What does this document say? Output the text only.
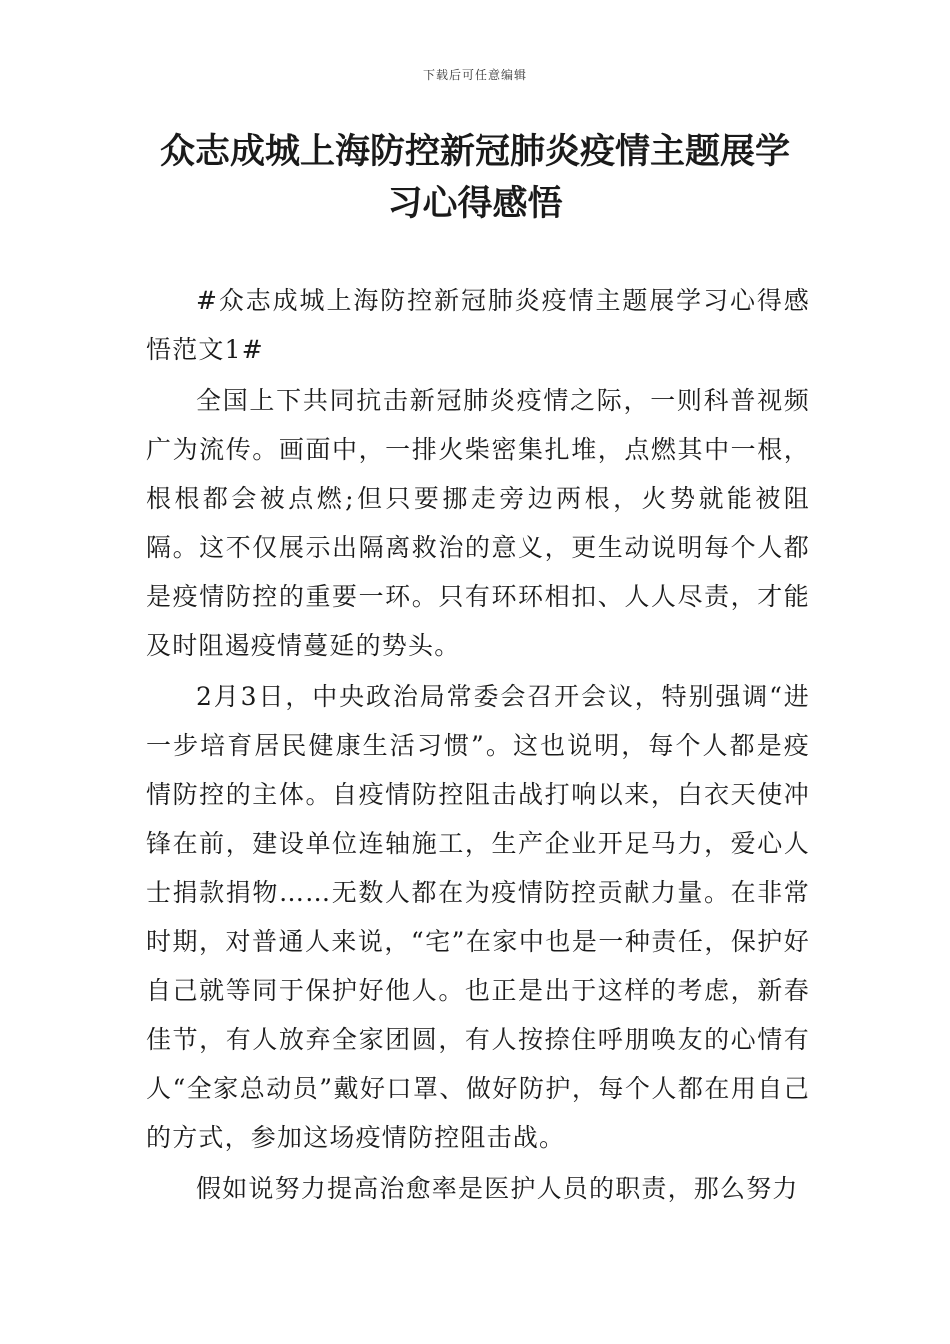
下载后可任意编辑
众志成城上海防控新冠肺炎疫情主题展学
习心得感悟

#众志成城上海防控新冠肺炎疫情主题展学习心得感悟范文1#

全国上下共同抗击新冠肺炎疫情之际，一则科普视频广为流传。画面中，一排火柴密集扎堆，点燃其中一根，根根都会被点燃;但只要挪走旁边两根，火势就能被阻隔。这不仅展示出隔离救治的意义，更生动说明每个人都是疫情防控的重要一环。只有环环相扣、人人尽责，才能及时阻遏疫情蔓延的势头。

2月3日，中央政治局常委会召开会议，特别强调“进一步培育居民健康生活习惯”。这也说明，每个人都是疫情防控的主体。自疫情防控阻击战打响以来，白衣天使冲锋在前，建设单位连轴施工，生产企业开足马力，爱心人士捐款捐物……无数人都在为疫情防控贡献力量。在非常时期，对普通人来说，“宅”在家中也是一种责任，保护好自己就等同于保护好他人。也正是出于这样的考虑，新春佳节，有人放弃全家团圆，有人按捺住呼朋唤友的心情有人“全家总动员”戴好口罩、做好防护，每个人都在用自己的方式，参加这场疫情防控阻击战。

假如说努力提高治愈率是医护人员的职责，那么努力
